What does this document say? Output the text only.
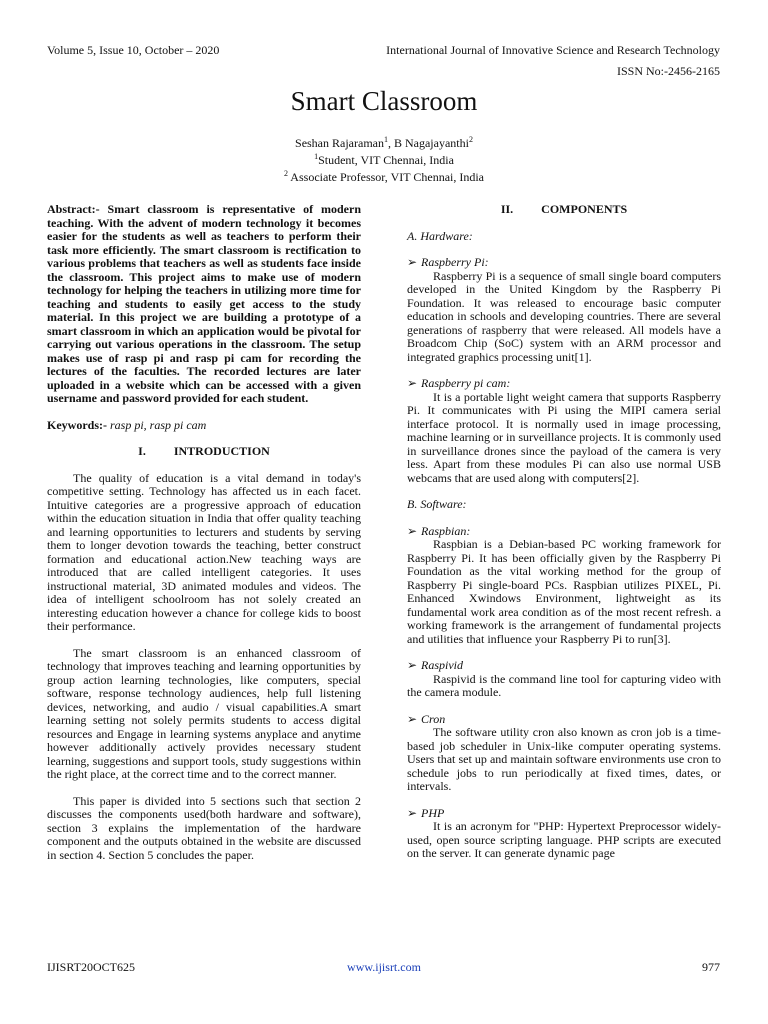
Volume 5, Issue 10, October – 2020	International Journal of Innovative Science and Research Technology
ISSN No:-2456-2165
Smart Classroom
Seshan Rajaraman$^1$, B Nagajayanthi$^2$
$^1$Student, VIT Chennai, India
$^2$ Associate Professor, VIT Chennai, India

Abstract:- Smart classroom is representative of modern teaching. With the advent of modern technology it becomes easier for the students as well as teachers to perform their task more efficiently. The smart classroom is rectification to various problems that teachers as well as students face inside the classroom. This project aims to make use of modern technology for helping the teachers in utilizing more time for teaching and students to easily get access to the study material. In this project we are building a prototype of a smart classroom in which an application would be pivotal for carrying out various operations in the classroom. The setup makes use of rasp pi and rasp pi cam for recording the lectures of the faculties. The recorded lectures are later uploaded in a website which can be accessed with a given username and password provided for each student.

Keywords:- rasp pi, rasp pi cam

I. INTRODUCTION

The quality of education is a vital demand in today's competitive setting. Technology has affected us in each facet. Intuitive categories are a progressive approach of education within the education situation in India that offer quality teaching and learning opportunities to lecturers and students by serving them to longer devotion towards the teaching, better construct formation and educational action.New teaching ways are introduced that are called intelligent categories. It uses instructional material, 3D animated modules and videos. The idea of intelligent schoolroom has not solely created an interesting education however a chance for college kids to boost their performance.

The smart classroom is an enhanced classroom of technology that improves teaching and learning opportunities by group action learning technologies, like computers, special software, response technology audiences, help full listening devices, networking, and audio / visual capabilities.A smart learning setting not solely permits students to access digital resources and Engage in learning systems anyplace and anytime however additionally actively provides necessary student learning, suggestions and support tools, study suggestions within the right place, at the correct time and to the correct manner.

This paper is divided into 5 sections such that section 2 discusses the components used(both hardware and software), section 3 explains the implementation of the hardware component and the outputs obtained in the website are discussed in section 4. Section 5 concludes the paper.

II. COMPONENTS

A. Hardware:

➢ Raspberry Pi:

Raspberry Pi is a sequence of small single board computers developed in the United Kingdom by the Raspberry Pi Foundation. It was released to encourage basic computer education in schools and developing countries. There are several generations of raspberry that were released. All models have a Broadcom Chip (SoC) system with an ARM processor and integrated graphics processing unit[1].

➢ Raspberry pi cam:

It is a portable light weight camera that supports Raspberry Pi. It communicates with Pi using the MIPI camera serial interface protocol. It is normally used in image processing, machine learning or in surveillance projects. It is commonly used in surveillance drones since the payload of the camera is very less. Apart from these modules Pi can also use normal USB webcams that are used along with computers[2].

B. Software:

➢ Raspbian:

Raspbian is a Debian-based PC working framework for Raspberry Pi. It has been officially given by the Raspberry Pi Foundation as the vital working method for the group of Raspberry Pi single-board PCs. Raspbian utilizes PIXEL, Pi. Enhanced Xwindows Environment, lightweight as its fundamental work area condition as of the most recent refresh. a working framework is the arrangement of fundamental projects and utilities that influence your Raspberry Pi to run[3].

➢ Raspivid

Raspivid is the command line tool for capturing video with the camera module.

➢ Cron

The software utility cron also known as cron job is a time-based job scheduler in Unix-like computer operating systems. Users that set up and maintain software environments use cron to schedule jobs to run periodically at fixed times, dates, or intervals.

➢ PHP

It is an acronym for "PHP: Hypertext Preprocessor widely-used, open source scripting language. PHP scripts are executed on the server. It can generate dynamic page

IJISRT20OCT625	www.ijisrt.com	977
